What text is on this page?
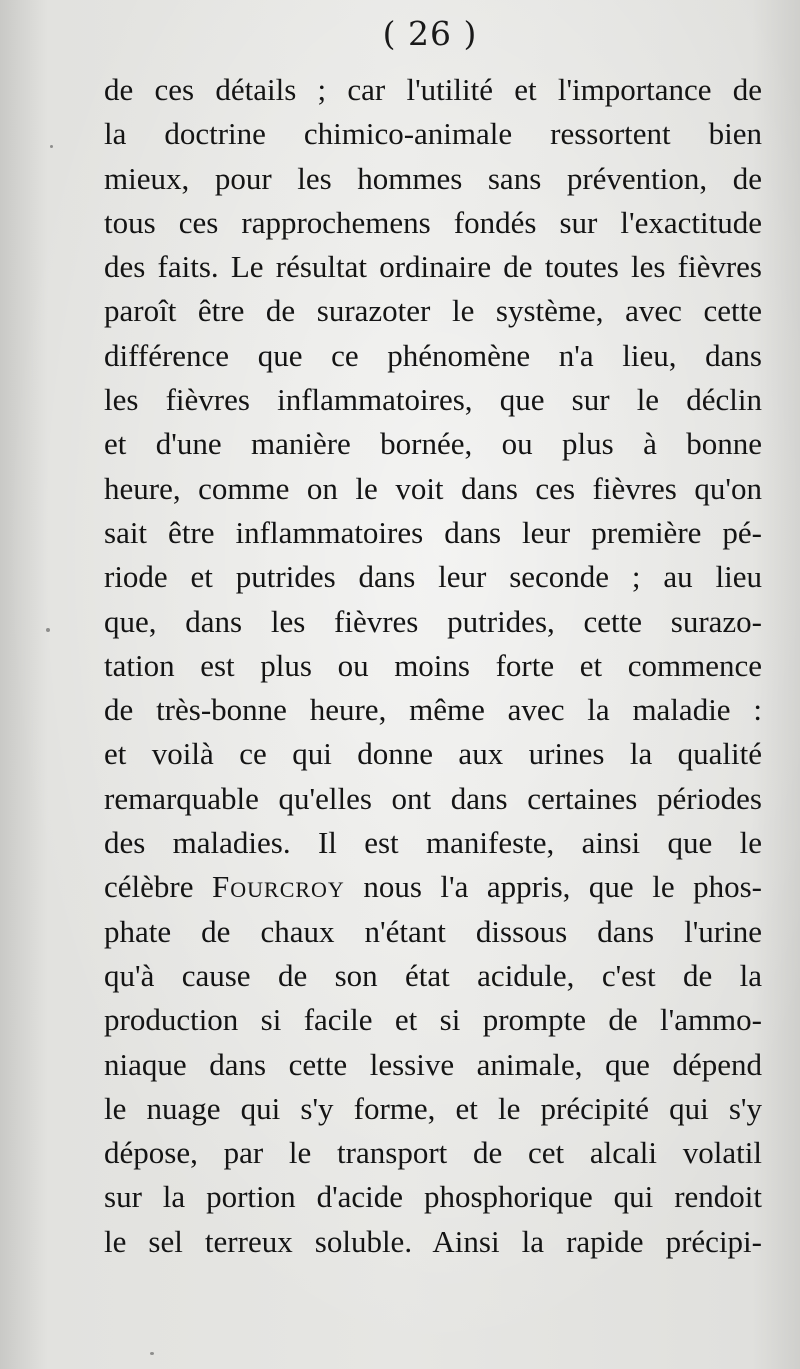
( 26 )
de ces détails ; car l'utilité et l'importance de
la doctrine chimico-animale ressortent bien
mieux, pour les hommes sans prévention, de
tous ces rapprochemens fondés sur l'exactitude
des faits. Le résultat ordinaire de toutes les fièvres
paroît être de surazoter le système, avec cette
différence que ce phénomène n'a lieu, dans
les fièvres inflammatoires, que sur le déclin
et d'une manière bornée, ou plus à bonne
heure, comme on le voit dans ces fièvres qu'on
sait être inflammatoires dans leur première pé-
riode et putrides dans leur seconde ; au lieu
que, dans les fièvres putrides, cette surazo-
tation est plus ou moins forte et commence
de très-bonne heure, même avec la maladie :
et voilà ce qui donne aux urines la qualité
remarquable qu'elles ont dans certaines périodes
des maladies. Il est manifeste, ainsi que le
célèbre Fourcroy nous l'a appris, que le phos-
phate de chaux n'étant dissous dans l'urine
qu'à cause de son état acidule, c'est de la
production si facile et si prompte de l'ammo-
niaque dans cette lessive animale, que dépend
le nuage qui s'y forme, et le précipité qui s'y
dépose, par le transport de cet alcali volatil
sur la portion d'acide phosphorique qui rendoit
le sel terreux soluble. Ainsi la rapide précipi-
